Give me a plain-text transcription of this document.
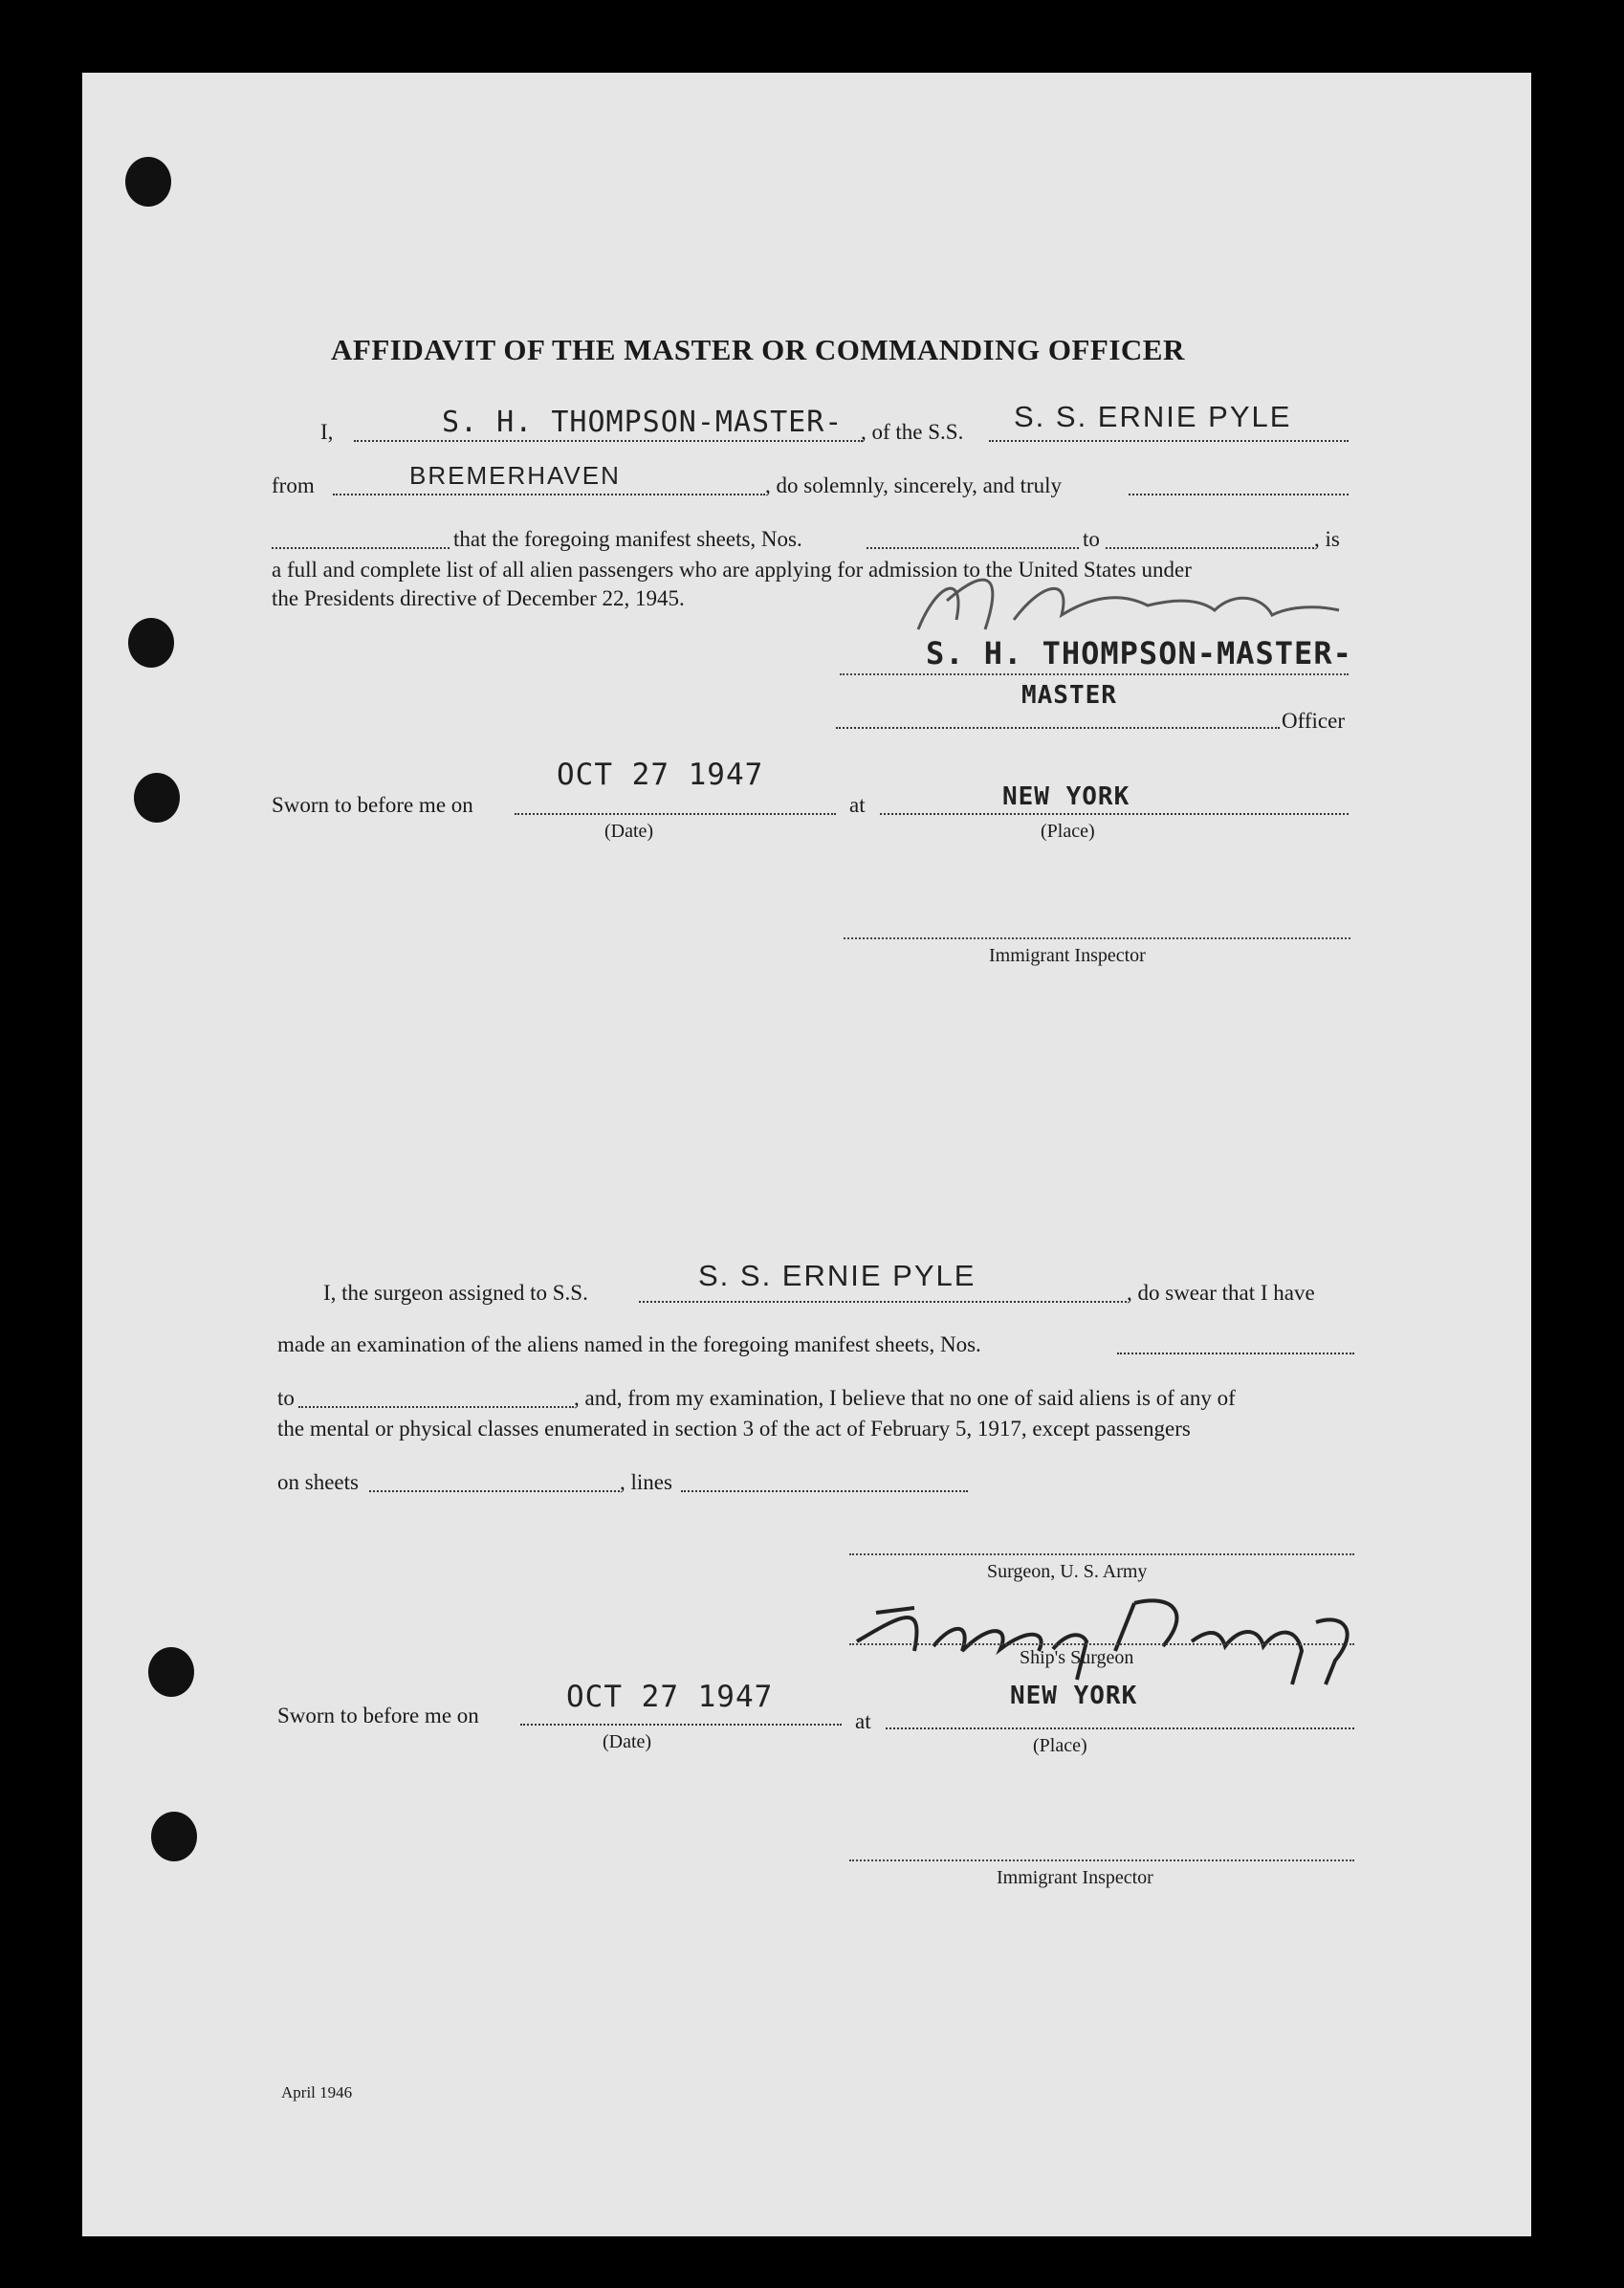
AFFIDAVIT OF THE MASTER OR COMMANDING OFFICER
I,	S. H. THOMPSON-MASTER- , of the S.S. S. S. ERNIE PYLE
from	BREMERHAVEN	, do solemnly, sincerely, and truly
that the foregoing manifest sheets, Nos.	to	, is
a full and complete list of all alien passengers who are applying for admission to the United States under
the Presidents directive of December 22, 1945.
S. H. THOMPSON-MASTER-
MASTER
Officer
Sworn to before me on
OCT 27 1947
at	NEW YORK
(Date)	(Place)
Immigrant Inspector
I, the surgeon assigned to S.S.
S. S. ERNIE PYLE
, do swear that I have
made an examination of the aliens named in the foregoing manifest sheets, Nos.
to	, and, from my examination, I believe that no one of said aliens is of any of
the mental or physical classes enumerated in section 3 of the act of February 5, 1917, except passengers
on sheets	, lines
Surgeon, U. S. Army
Ship's Surgeon
Sworn to before me on
OCT 27 1947
at
NEW YORK
(Date)	(Place)
Immigrant Inspector
April 1946
